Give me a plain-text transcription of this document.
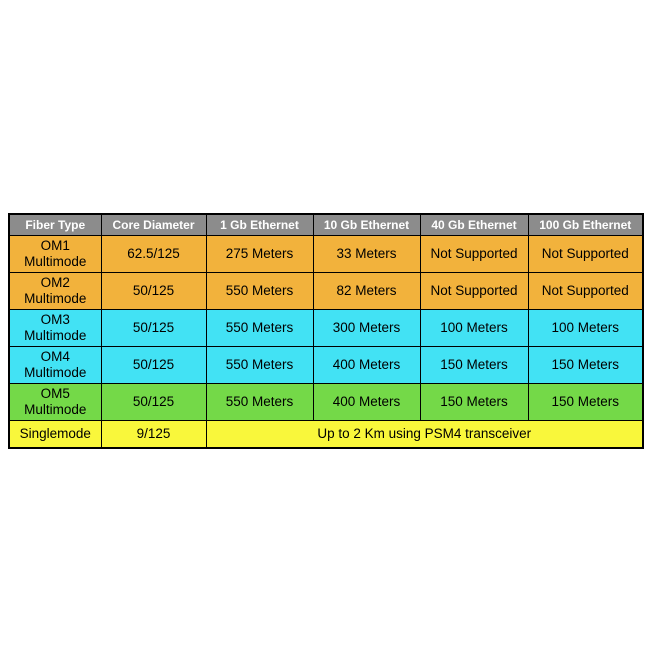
Fiber Type	Core Diameter	1 Gb Ethernet	10 Gb Ethernet	40 Gb Ethernet	100 Gb Ethernet

OM1
Multimode	62.5/125	275 Meters	33 Meters	Not Supported	Not Supported

OM2
Multimode	50/125	550 Meters	82 Meters	Not Supported	Not Supported

OM3
Multimode	50/125	550 Meters	300 Meters	100 Meters	100 Meters

OM4
Multimode	50/125	550 Meters	400 Meters	150 Meters	150 Meters

OM5
Multimode	50/125	550 Meters	400 Meters	150 Meters	150 Meters
Singlemode	9/125	Up to 2 Km using PSM4 transceiver			
